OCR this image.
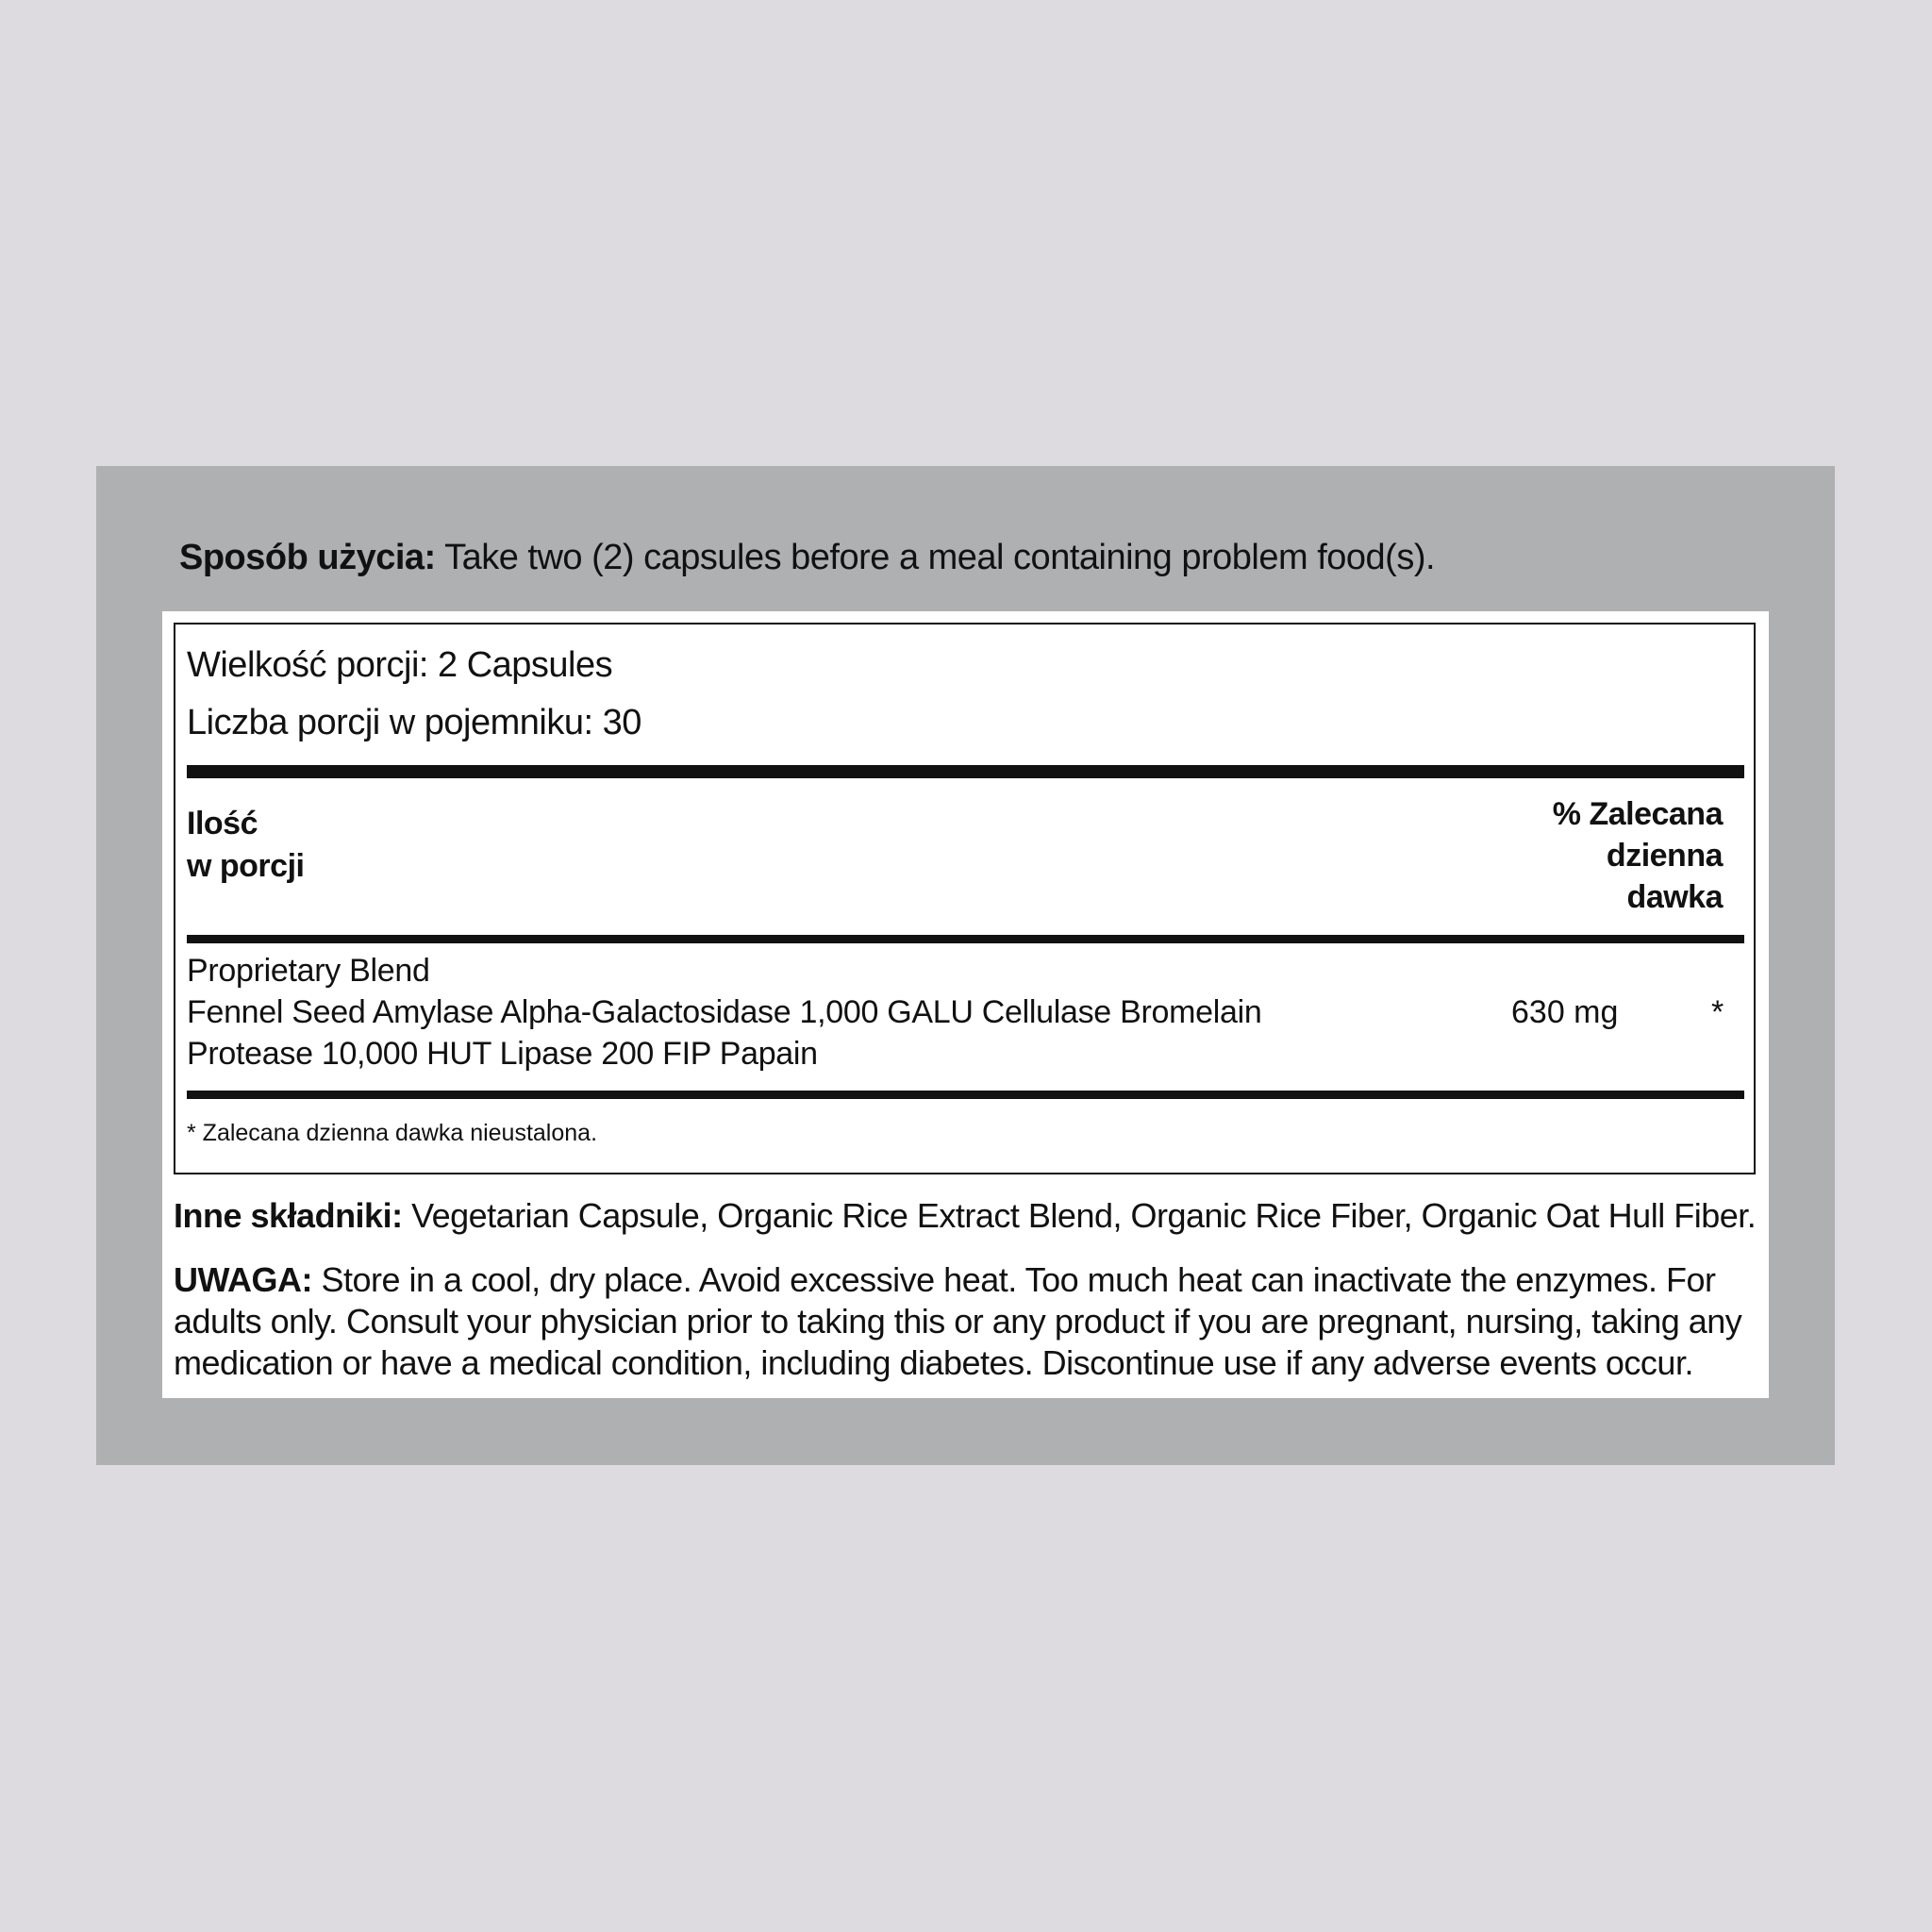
Sposób użycia: Take two (2) capsules before a meal containing problem food(s).
Wielkość porcji: 2 Capsules
Liczba porcji w pojemniku: 30
Ilość
w porcji
% Zalecana
dzienna
dawka
Proprietary Blend
Fennel Seed Amylase Alpha-Galactosidase 1,000 GALU Cellulase Bromelain
Protease 10,000 HUT Lipase 200 FIP Papain
630 mg	*
* Zalecana dzienna dawka nieustalona.
Inne składniki: Vegetarian Capsule, Organic Rice Extract Blend, Organic Rice Fiber, Organic Oat Hull Fiber.
UWAGA: Store in a cool, dry place. Avoid excessive heat. Too much heat can inactivate the enzymes. For adults only. Consult your physician prior to taking this or any product if you are pregnant, nursing, taking any medication or have a medical condition, including diabetes. Discontinue use if any adverse events occur.
